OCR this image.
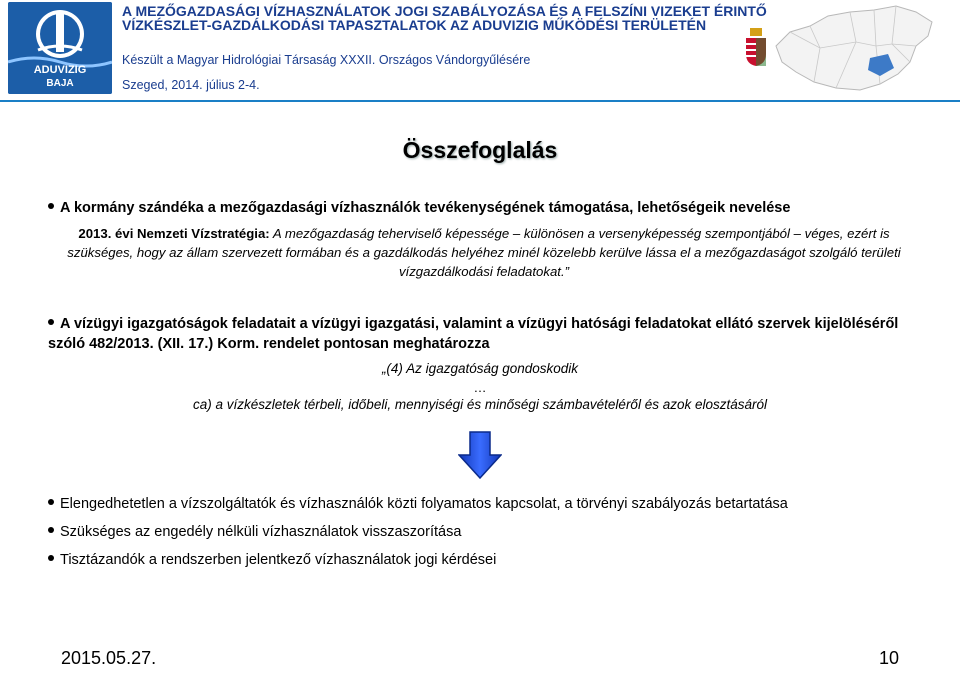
ADUVIZIG
BAJA
A MEZŐGAZDASÁGI VÍZHASZNÁLATOK JOGI SZABÁLYOZÁSA ÉS A FELSZÍNI VIZEKET ÉRINTŐ
VÍZKÉSZLET-GAZDÁLKODÁSI TAPASZTALATOK AZ ADUVIZIG MŰKÖDÉSI TERÜLETÉN
Készült a Magyar Hidrológiai Társaság XXXII. Országos Vándorgyűlésére
Szeged, 2014. július 2-4.
Összefoglalás
A kormány szándéka a mezőgazdasági vízhasználók tevékenységének támogatása, lehetőségeik nevelése
2013. évi Nemzeti Vízstratégia: A mezőgazdaság teherviselő képessége – különösen a versenyképesség szempontjából – véges, ezért is szükséges, hogy az állam szervezett formában és a gazdálkodás helyéhez minél közelebb kerülve lássa el a mezőgazdaságot szolgáló területi vízgazdálkodási feladatokat.”
A vízügyi igazgatóságok feladatait a vízügyi igazgatási, valamint a vízügyi hatósági feladatokat ellátó szervek kijelöléséről szóló 482/2013. (XII. 17.) Korm. rendelet pontosan meghatározza
„(4) Az igazgatóság gondoskodik
…
ca) a vízkészletek térbeli, időbeli, mennyiségi és minőségi számbavételéről és azok elosztásáról
Elengedhetetlen a vízszolgáltatók és vízhasználók közti folyamatos kapcsolat, a törvényi szabályozás betartatása
Szükséges az engedély nélküli vízhasználatok visszaszorítása
Tisztázandók a rendszerben jelentkező vízhasználatok jogi kérdései
2015.05.27.	10
